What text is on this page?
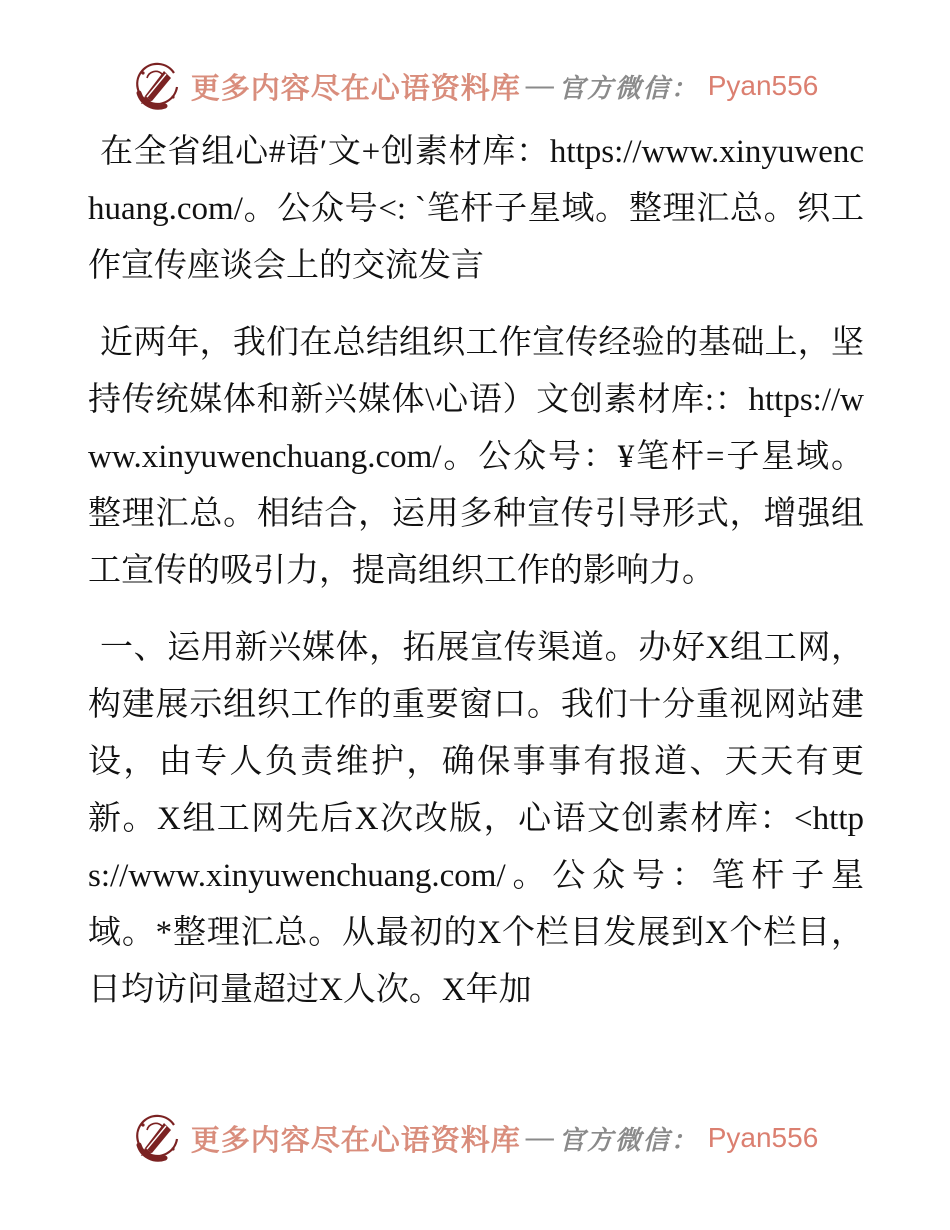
更多内容尽在心语资料库 — 官方微信： Pyan556

在全省组心#语′文+创素材库：https://www.xinyuwenchuang.com/。公众号<: `笔杆子星域。整理汇总。织工作宣传座谈会上的交流发言

近两年，我们在总结组织工作宣传经验的基础上，坚持传统媒体和新兴媒体\心语）文创素材库:：https://www.xinyuwenchuang.com/。公众号：¥笔杆=子星域。整理汇总。相结合，运用多种宣传引导形式，增强组工宣传的吸引力，提高组织工作的影响力。

一、运用新兴媒体，拓展宣传渠道。办好X组工网，构建展示组织工作的重要窗口。我们十分重视网站建设，由专人负责维护，确保事事有报道、天天有更新。X组工网先后X次改版，心语文创素材库：<https://www.xinyuwenchuang.com/。公众号：笔杆子星域。*整理汇总。从最初的X个栏目发展到X个栏目，日均访问量超过X人次。X年加

更多内容尽在心语资料库 — 官方微信： Pyan556
